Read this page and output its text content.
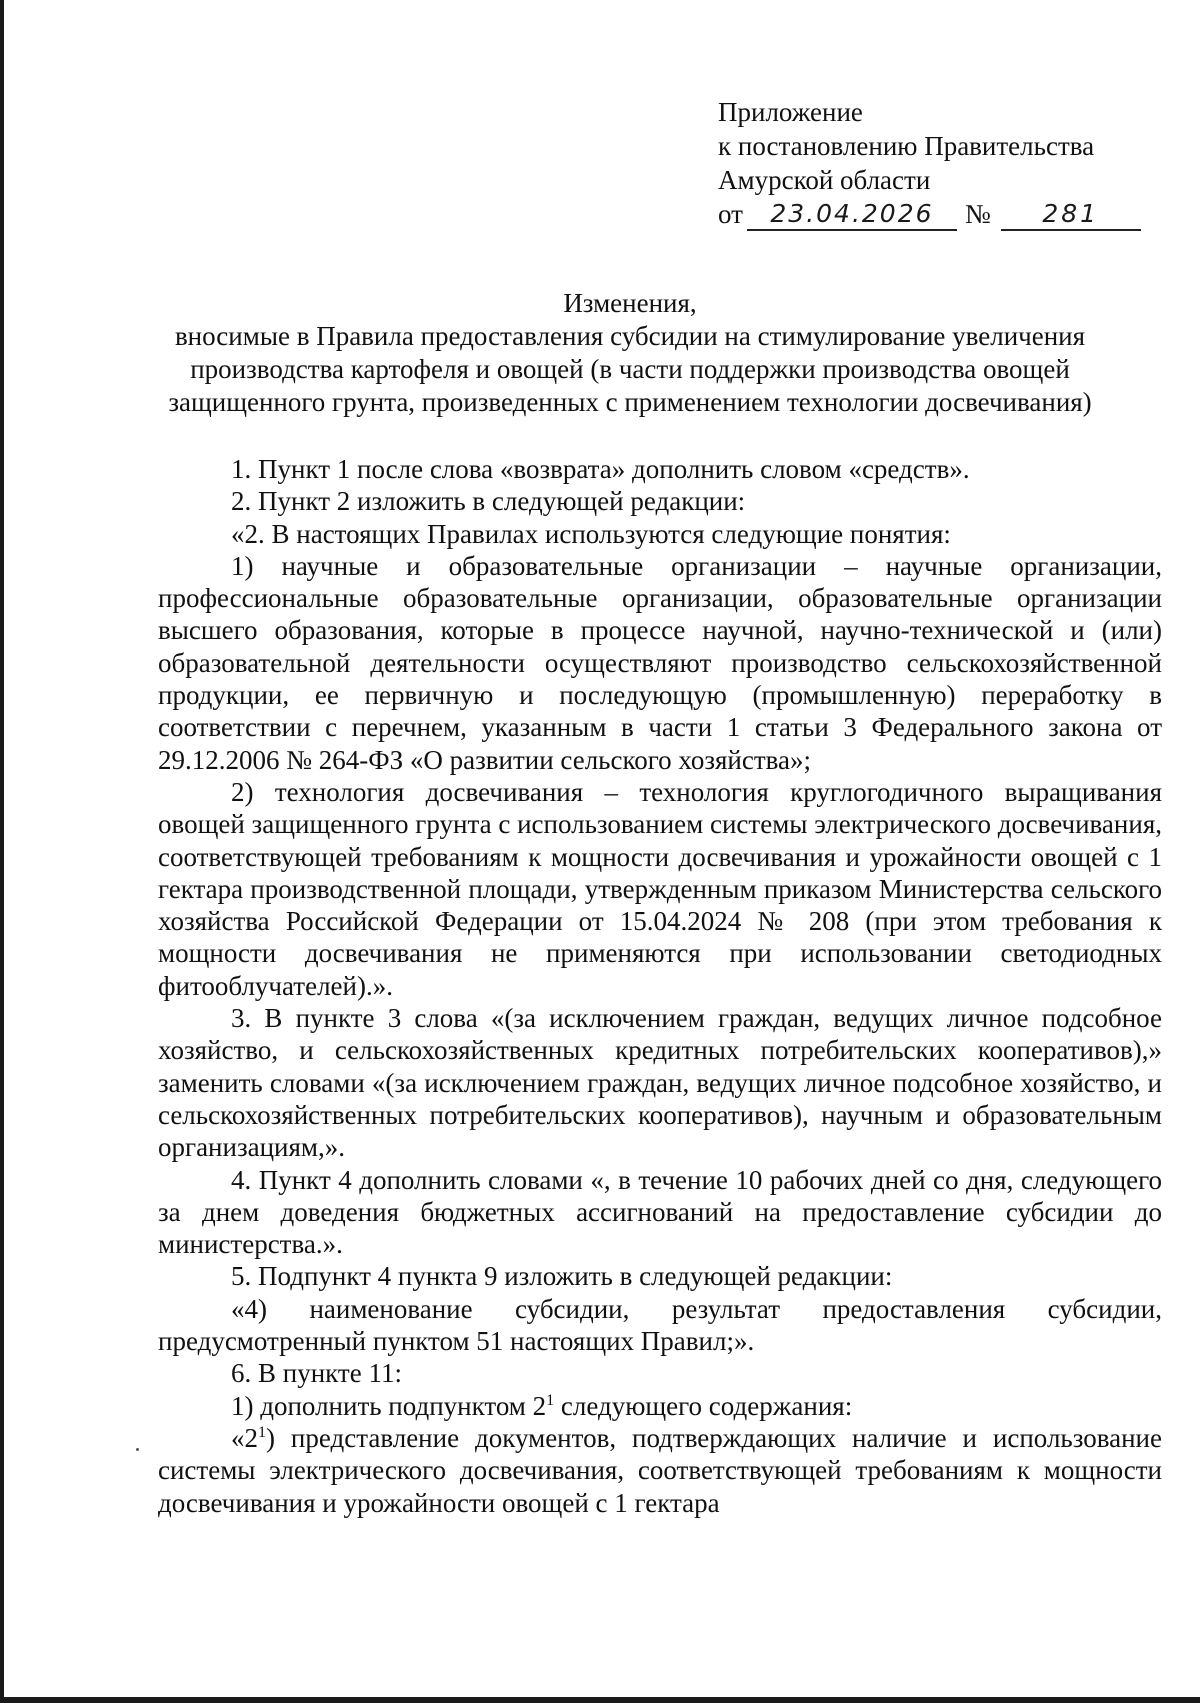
Приложение
к постановлению Правительства
Амурской области
от	23.04.2026	№	281
Изменения,
вносимые в Правила предоставления субсидии на стимулирование увеличения
производства картофеля и овощей (в части поддержки производства овощей
защищенного грунта, произведенных с применением технологии досвечивания)

1. Пункт 1 после слова «возврата» дополнить словом «средств».

2. Пункт 2 изложить в следующей редакции:

«2. В настоящих Правилах используются следующие понятия:

1) научные и образовательные организации – научные организации, профессиональные образовательные организации, образовательные организации высшего образования, которые в процессе научной, научно-технической и (или) образовательной деятельности осуществляют производство сельскохозяйственной продукции, ее первичную и последующую (промышленную) переработку в соответствии с перечнем, указанным в части 1 статьи 3 Федерального закона от 29.12.2006 № 264-ФЗ «О развитии сельского хозяйства»;

2) технология досвечивания – технология круглогодичного выращивания овощей защищенного грунта с использованием системы электрического досвечивания, соответствующей требованиям к мощности досвечивания и урожайности овощей с 1 гектара производственной площади, утвержденным приказом Министерства сельского хозяйства Российской Федерации от 15.04.2024 № 208 (при этом требования к мощности досвечивания не применяются при использовании светодиодных фитооблучателей).».

3. В пункте 3 слова «(за исключением граждан, ведущих личное подсобное хозяйство, и сельскохозяйственных кредитных потребительских кооперативов),» заменить словами «(за исключением граждан, ведущих личное подсобное хозяйство, и сельскохозяйственных потребительских кооперативов), научным и образовательным организациям,».

4. Пункт 4 дополнить словами «, в течение 10 рабочих дней со дня, следующего за днем доведения бюджетных ассигнований на предоставление субсидии до министерства.».

5. Подпункт 4 пункта 9 изложить в следующей редакции:

«4) наименование субсидии, результат предоставления субсидии, предусмотренный пунктом 51 настоящих Правил;».

6. В пункте 11:

1) дополнить подпунктом $2^1$ следующего содержания:

«$2^1$) представление документов, подтверждающих наличие и использование системы электрического досвечивания, соответствующей требованиям к мощности досвечивания и урожайности овощей с 1 гектара
